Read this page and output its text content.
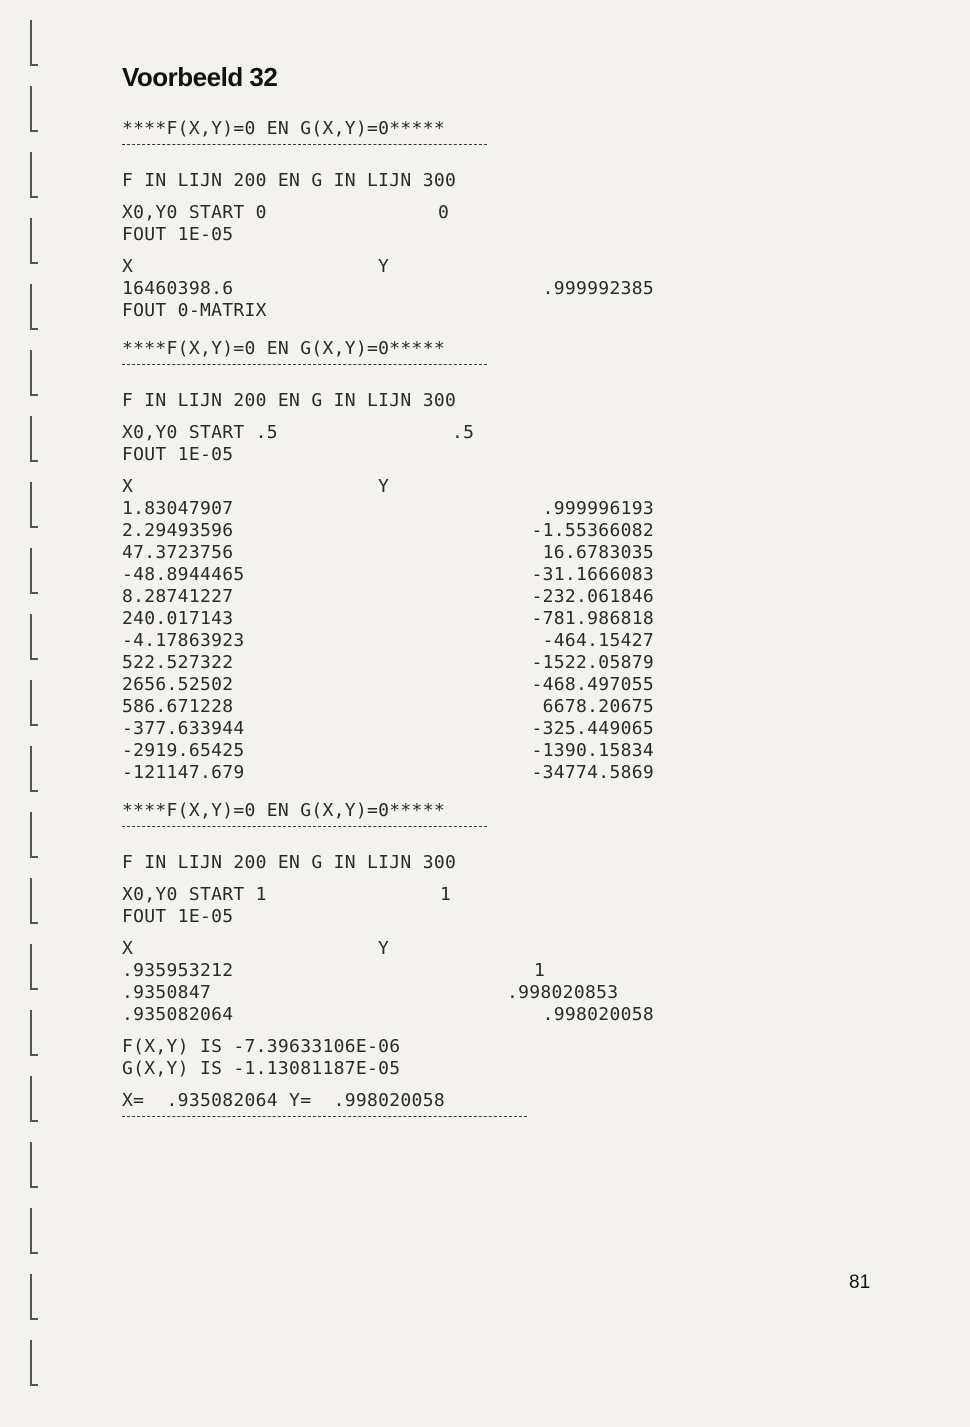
Voorbeeld 32
****F(X,Y)=0 EN G(X,Y)=0*****
F IN LIJN 200 EN G IN LIJN 300
X0,Y0 START 0	0
FOUT 1E-05
X	Y
16460398.6	.999992385
FOUT 0-MATRIX
****F(X,Y)=0 EN G(X,Y)=0*****
F IN LIJN 200 EN G IN LIJN 300
X0,Y0 START .5	.5
FOUT 1E-05
X	Y
1.83047907	.999996193
2.29493596	-1.55366082
47.3723756	16.6783035
-48.8944465	-31.1666083
8.28741227	-232.061846
240.017143	-781.986818
-4.17863923	-464.15427
522.527322	-1522.05879
2656.52502	-468.497055
586.671228	6678.20675
-377.633944	-325.449065
-2919.65425	-1390.15834
-121147.679	-34774.5869
****F(X,Y)=0 EN G(X,Y)=0*****
F IN LIJN 200 EN G IN LIJN 300
X0,Y0 START 1	1
FOUT 1E-05
X	Y
.935953212	1
.9350847	.998020853
.935082064	.998020058
F(X,Y) IS -7.39633106E-06
G(X,Y) IS -1.13081187E-05
X=  .935082064 Y=  .998020058
81
